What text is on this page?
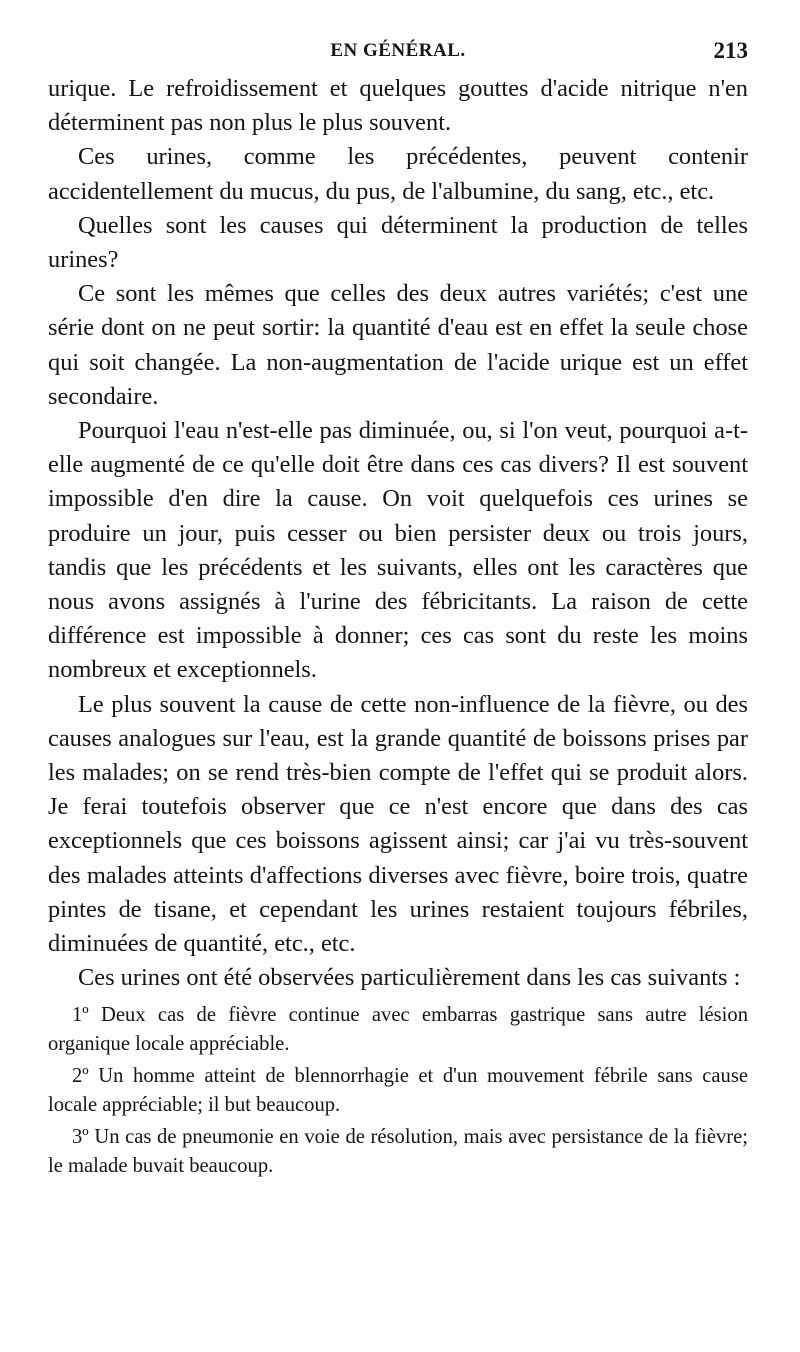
EN GÉNÉRAL.	213

urique. Le refroidissement et quelques gouttes d'acide nitrique n'en déterminent pas non plus le plus souvent.

Ces urines, comme les précédentes, peuvent contenir accidentellement du mucus, du pus, de l'albumine, du sang, etc., etc.

Quelles sont les causes qui déterminent la production de telles urines?

Ce sont les mêmes que celles des deux autres variétés; c'est une série dont on ne peut sortir: la quantité d'eau est en effet la seule chose qui soit changée. La non-augmentation de l'acide urique est un effet secondaire.

Pourquoi l'eau n'est-elle pas diminuée, ou, si l'on veut, pourquoi a-t-elle augmenté de ce qu'elle doit être dans ces cas divers? Il est souvent impossible d'en dire la cause. On voit quelquefois ces urines se produire un jour, puis cesser ou bien persister deux ou trois jours, tandis que les précédents et les suivants, elles ont les caractères que nous avons assignés à l'urine des fébricitants. La raison de cette différence est impossible à donner; ces cas sont du reste les moins nombreux et exceptionnels.

Le plus souvent la cause de cette non-influence de la fièvre, ou des causes analogues sur l'eau, est la grande quantité de boissons prises par les malades; on se rend très-bien compte de l'effet qui se produit alors. Je ferai toutefois observer que ce n'est encore que dans des cas exceptionnels que ces boissons agissent ainsi; car j'ai vu très-souvent des malades atteints d'affections diverses avec fièvre, boire trois, quatre pintes de tisane, et cependant les urines restaient toujours fébriles, diminuées de quantité, etc., etc.

Ces urines ont été observées particulièrement dans les cas suivants :

1º Deux cas de fièvre continue avec embarras gastrique sans autre lésion organique locale appréciable.

2º Un homme atteint de blennorrhagie et d'un mouvement fébrile sans cause locale appréciable; il but beaucoup.

3º Un cas de pneumonie en voie de résolution, mais avec persistance de la fièvre; le malade buvait beaucoup.
